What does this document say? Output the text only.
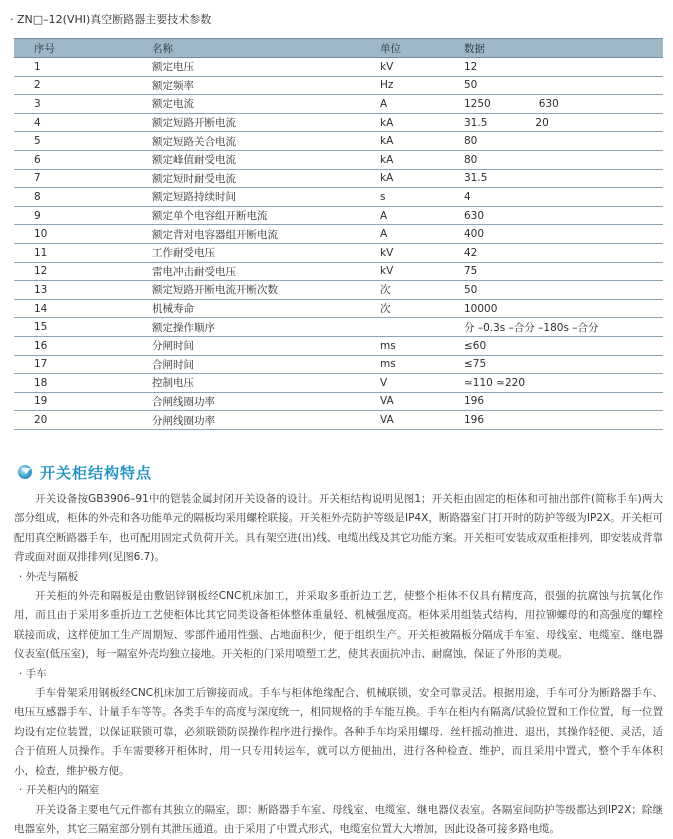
· ZN□–12(VHI)真空断路器主要技术参数
序号	名称	单位	数据
1	额定电压	kV	12
2	额定频率	Hz	50
3	额定电流	A	1250 630
4	额定短路开断电流	kA	31.5 20
5	额定短路关合电流	kA	80
6	额定峰值耐受电流	kA	80
7	额定短时耐受电流	kA	31.5
8	额定短路持续时间	s	4
9	额定单个电容组开断电流	A	630
10	额定背对电容器组开断电流	A	400
11	工作耐受电压	kV	42
12	雷电冲击耐受电压	kV	75
13	额定短路开断电流开断次数	次	50
14	机械寿命	次	10000
15	额定操作顺序		分 –0.3s –合分 –180s –合分
16	分闸时间	ms	≤60
17	合闸时间	ms	≤75
18	控制电压	V	≃110 ≃220
19	合闸线圈功率	VA	196
20	分闸线圈功率	VA	196
开关柜结构特点

开关设备按GB3906–91中的铠装金属封闭开关设备的设计。开关柜结构说明见图1；开关柜由固定的柜体和可抽出部件(简称手车)两大部分组成，柜体的外壳和各功能单元的隔板均采用螺栓联接。开关柜外壳防护等级是IP4X，断路器室门打开时的防护等级为IP2X。开关柜可配用真空断路器手车，也可配用固定式负荷开关。具有架空进(出)线、电缆出线及其它功能方案。开关柜可安装成双重柜排列，即安装成背靠背或面对面双排排列(见图6.7)。

· 外壳与隔板

开关柜的外壳和隔板是由敷铝锌钢板经CNC机床加工，并采取多重折边工艺，使整个柜体不仅具有精度高，很强的抗腐蚀与抗氧化作用，而且由于采用多重折边工艺使柜体比其它同类设备柜体整体重量轻、机械强度高。柜体采用组装式结构，用拉铆螺母的和高强度的螺栓联接而成，这样使加工生产周期短、零部件通用性强、占地面积少，便于组织生产。开关柜被隔板分隔成手车室、母线室、电缆室、继电器仪表室(低压室)，每一隔室外壳均独立接地。开关柜的门采用喷塑工艺，使其表面抗冲击、耐腐蚀，保证了外形的美观。

· 手车

手车骨架采用钢板经CNC机床加工后铆接而成。手车与柜体绝缘配合、机械联锁，安全可靠灵活。根据用途，手车可分为断路器手车、电压互感器手车、计量手车等等。各类手车的高度与深度统一，相同规格的手车能互换。手车在柜内有隔离/试验位置和工作位置，每一位置均设有定位装置，以保证联锁可靠，必须联锁防误操作程序进行操作。各种手车均采用螺母．丝杆摇动推进、退出，其操作轻便、灵活，适合于值班人员操作。手车需要移开柜体时，用一只专用转运车，就可以方便抽出，进行各种检查、维护，而且采用中置式，整个手车体积小，检查，维护极方便。

· 开关柜内的隔室

开关设备主要电气元件都有其独立的隔室，即：断路器手车室、母线室、电缆室、继电器仪表室。各隔室间防护等级都达到IP2X；除继电器室外，其它三隔室部分别有其泄压通道。由于采用了中置式形式，电缆室位置大大增加，因此设备可接多路电缆。
